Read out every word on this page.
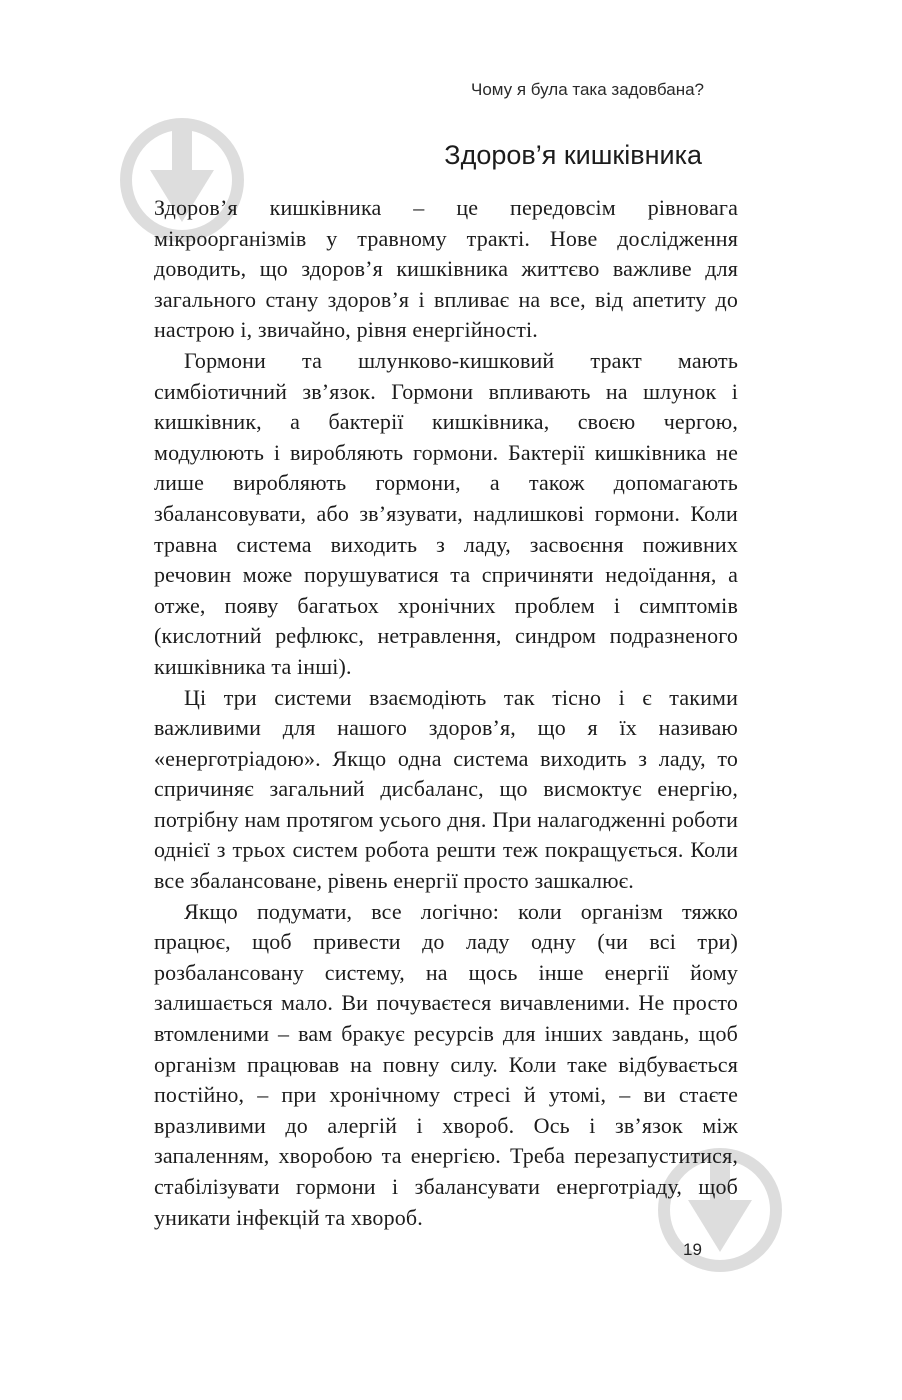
Чому я була така задовбана?
Здоров’я кишківника

Здоров’я кишківника – це передовсім рівновага мікроорганізмів у травному тракті. Нове дослідження доводить, що здоров’я кишківника життєво важливе для загального стану здоров’я і впливає на все, від апетиту до настрою і, звичайно, рівня енергійності.

Гормони та шлунково-кишковий тракт мають симбіотичний зв’язок. Гормони впливають на шлунок і кишківник, а бактерії кишківника, своєю чергою, модулюють і виробляють гормони. Бактерії кишківника не лише виробляють гормони, а також допомагають збалансовувати, або зв’язувати, надлишкові гормони. Коли травна система виходить з ладу, засвоєння поживних речовин може порушуватися та спричиняти недоїдання, а отже, появу багатьох хронічних проблем і симптомів (кислотний рефлюкс, нетравлення, синдром подразненого кишківника та інші).

Ці три системи взаємодіють так тісно і є такими важливими для нашого здоров’я, що я їх називаю «енерготріадою». Якщо одна система виходить з ладу, то спричиняє загальний дисбаланс, що висмоктує енергію, потрібну нам протягом усього дня. При налагодженні роботи однієї з трьох систем робота решти теж покращується. Коли все збалансоване, рівень енергії просто зашкалює.

Якщо подумати, все логічно: коли організм тяжко працює, щоб привести до ладу одну (чи всі три) розбалансовану систему, на щось інше енергії йому залишається мало. Ви почуваєтеся вичавленими. Не просто втомленими – вам бракує ресурсів для інших завдань, щоб організм працював на повну силу. Коли таке відбувається постійно, – при хронічному стресі й утомі, – ви стаєте вразливими до алергій і хвороб. Ось і зв’язок між запаленням, хворобою та енергією. Треба перезапуститися, стабілізувати гормони і збалансувати енерготріаду, щоб уникати інфекцій та хвороб.

19
